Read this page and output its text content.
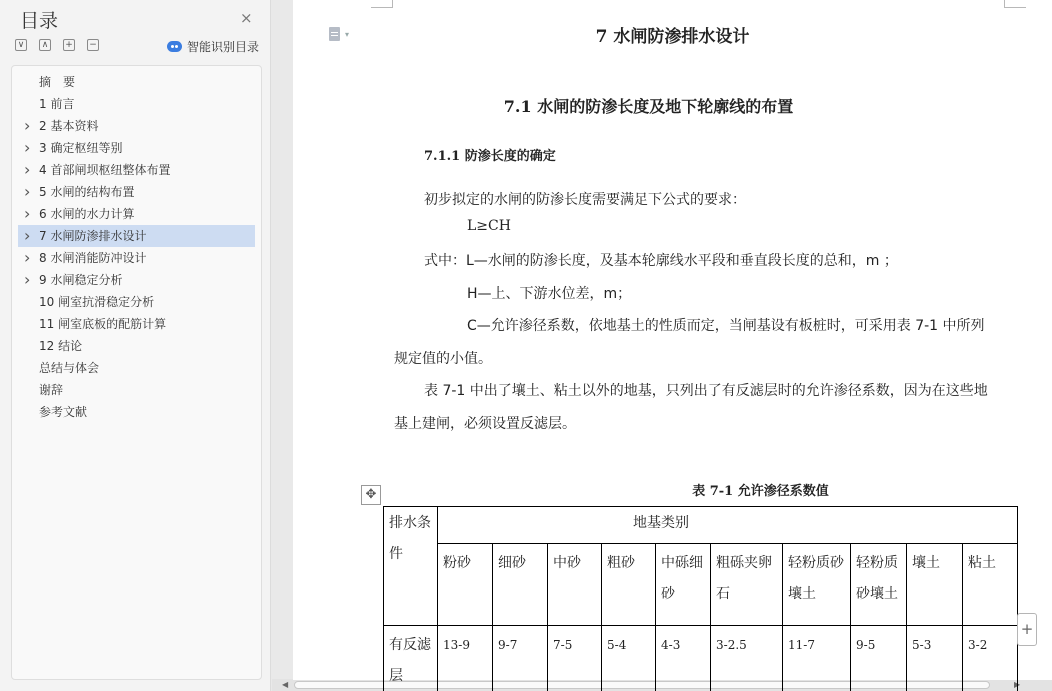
目录	×
∨	∧	+ −	智能识别目录
摘　要
1 前言
› 2 基本资料
› 3 确定枢纽等别
› 4 首部闸坝枢纽整体布置
› 5 水闸的结构布置
› 6 水闸的水力计算
› 7 水闸防渗排水设计
› 8 水闸消能防冲设计
› 9 水闸稳定分析
10 闸室抗滑稳定分析
11 闸室底板的配筋计算
12 结论
总结与体会
谢辞
参考文献
◀	▶
▾	7 水闸防渗排水设计
7.1 水闸的防渗长度及地下轮廓线的布置
7.1.1 防渗长度的确定
初步拟定的水闸的防渗长度需要满足下公式的要求：
L≥CH
式中：L—水闸的防渗长度，及基本轮廓线水平段和垂直段长度的总和，m ；
H—上、下游水位差，m；
C—允许渗径系数，依地基土的性质而定，当闸基设有板桩时，可采用表 7-1 中所列
规定值的小值。
表 7-1 中出了壤土、粘土以外的地基，只列出了有反滤层时的允许渗径系数，因为在这些地
基上建闸，必须设置反滤层。
✥	表 7-1 允许渗径系数值
排水条件	地基类别									
	粉砂	细砂	中砂	粗砂	中砾细砂	粗砾夹卵石	轻粉质砂壤土	轻粉质砂壤土	壤土	粘土
有反滤层	13-9	9-7	7-5	5-4	4-3	3-2.5	11-7	9-5	5-3	3-2
+
